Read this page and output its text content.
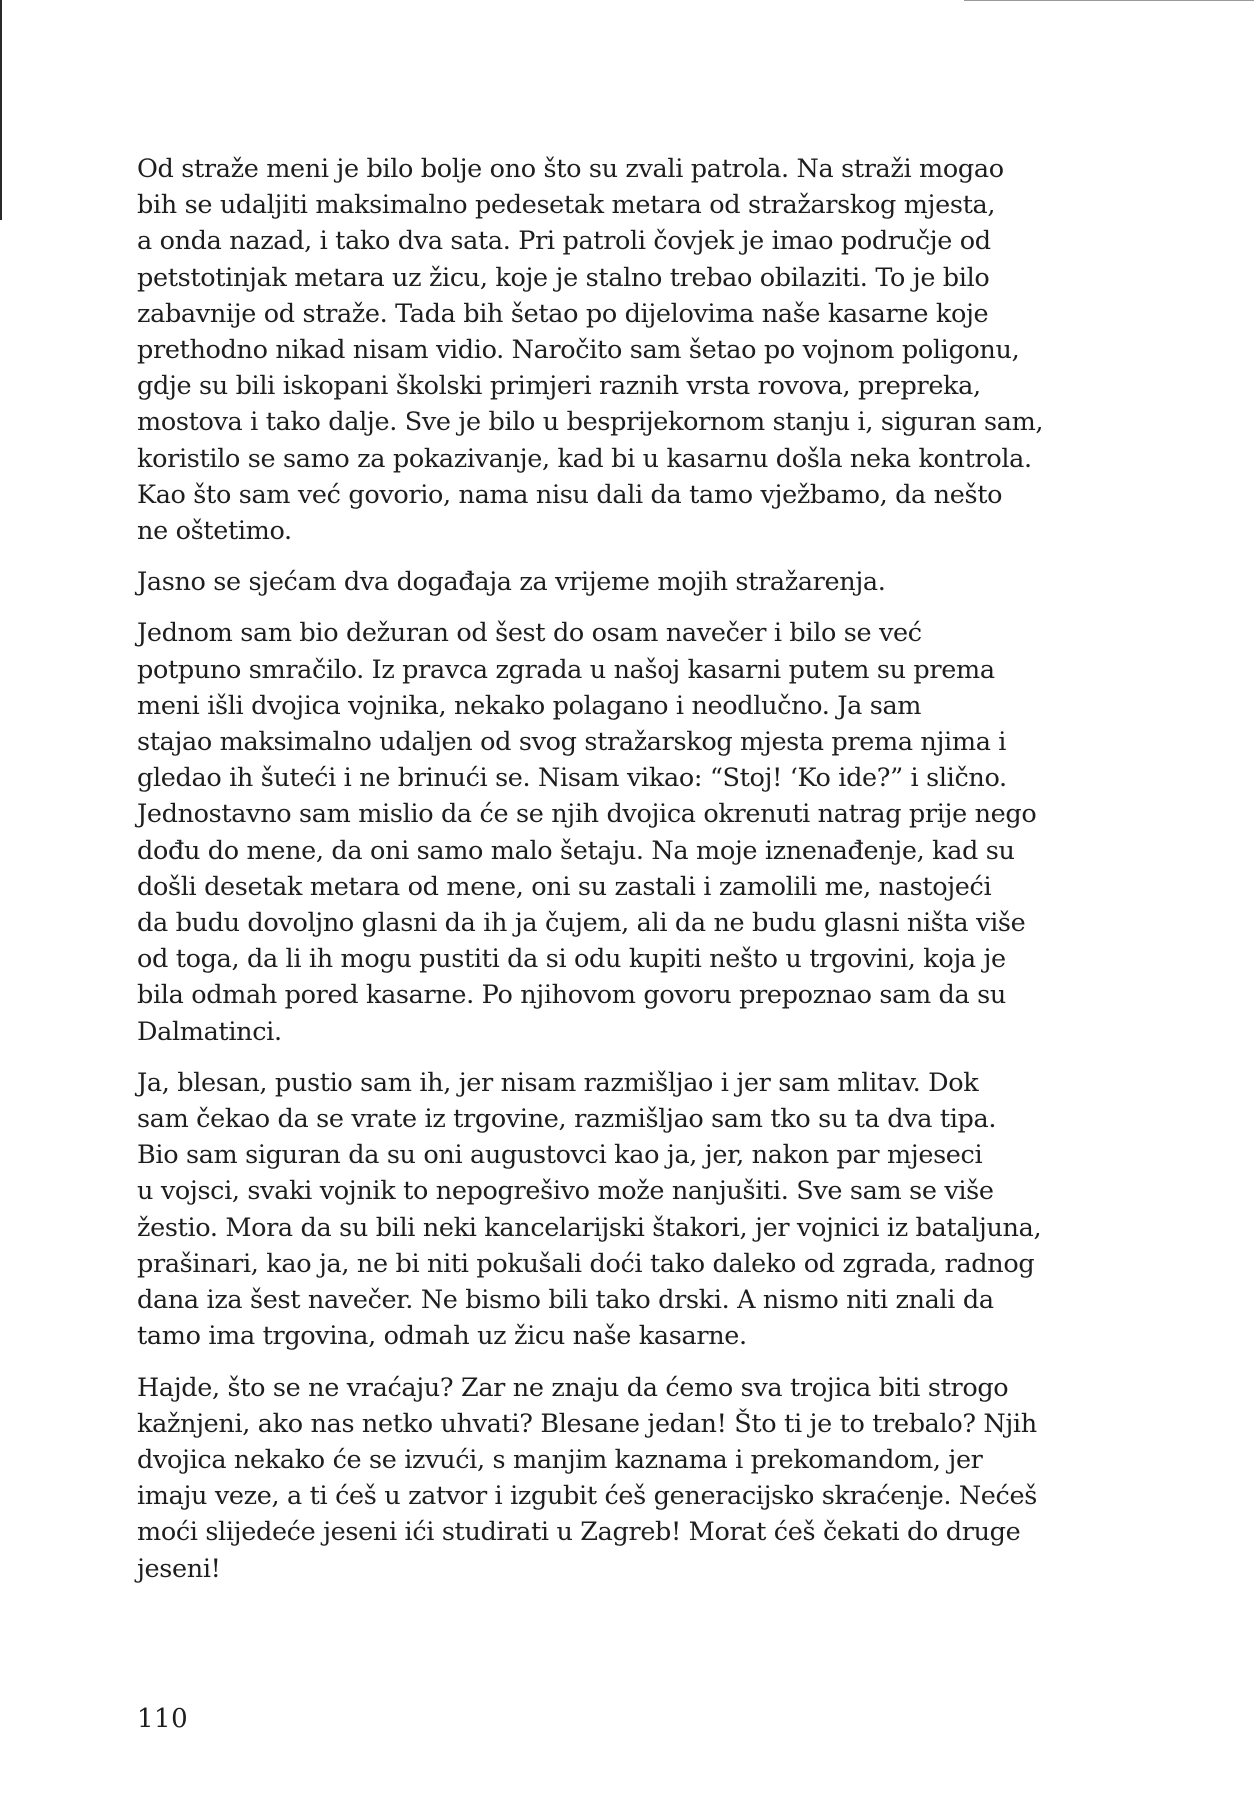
Od straže meni je bilo bolje ono što su zvali patrola. Na straži mogao
bih se udaljiti maksimalno pedesetak metara od stražarskog mjesta,
a onda nazad, i tako dva sata. Pri patroli čovjek je imao područje od
petstotinjak metara uz žicu, koje je stalno trebao obilaziti. To je bilo
zabavnije od straže. Tada bih šetao po dijelovima naše kasarne koje
prethodno nikad nisam vidio. Naročito sam šetao po vojnom poligonu,
gdje su bili iskopani školski primjeri raznih vrsta rovova, prepreka,
mostova i tako dalje. Sve je bilo u besprijekornom stanju i, siguran sam,
koristilo se samo za pokazivanje, kad bi u kasarnu došla neka kontrola.
Kao što sam već govorio, nama nisu dali da tamo vježbamo, da nešto
ne oštetimo.

Jasno se sjećam dva događaja za vrijeme mojih stražarenja.

Jednom sam bio dežuran od šest do osam navečer i bilo se već
potpuno smračilo. Iz pravca zgrada u našoj kasarni putem su prema
meni išli dvojica vojnika, nekako polagano i neodlučno. Ja sam
stajao maksimalno udaljen od svog stražarskog mjesta prema njima i
gledao ih šuteći i ne brinući se. Nisam vikao: “Stoj! ‘Ko ide?” i slično.
Jednostavno sam mislio da će se njih dvojica okrenuti natrag prije nego
dođu do mene, da oni samo malo šetaju. Na moje iznenađenje, kad su
došli desetak metara od mene, oni su zastali i zamolili me, nastojeći
da budu dovoljno glasni da ih ja čujem, ali da ne budu glasni ništa više
od toga, da li ih mogu pustiti da si odu kupiti nešto u trgovini, koja je
bila odmah pored kasarne. Po njihovom govoru prepoznao sam da su
Dalmatinci.

Ja, blesan, pustio sam ih, jer nisam razmišljao i jer sam mlitav. Dok
sam čekao da se vrate iz trgovine, razmišljao sam tko su ta dva tipa.
Bio sam siguran da su oni augustovci kao ja, jer, nakon par mjeseci
u vojsci, svaki vojnik to nepogrešivo može nanjušiti. Sve sam se više
žestio. Mora da su bili neki kancelarijski štakori, jer vojnici iz bataljuna,
prašinari, kao ja, ne bi niti pokušali doći tako daleko od zgrada, radnog
dana iza šest navečer. Ne bismo bili tako drski. A nismo niti znali da
tamo ima trgovina, odmah uz žicu naše kasarne.

Hajde, što se ne vraćaju? Zar ne znaju da ćemo sva trojica biti strogo
kažnjeni, ako nas netko uhvati? Blesane jedan! Što ti je to trebalo? Njih
dvojica nekako će se izvući, s manjim kaznama i prekomandom, jer
imaju veze, a ti ćeš u zatvor i izgubit ćeš generacijsko skraćenje. Nećeš
moći slijedeće jeseni ići studirati u Zagreb! Morat ćeš čekati do druge
jeseni!

110
